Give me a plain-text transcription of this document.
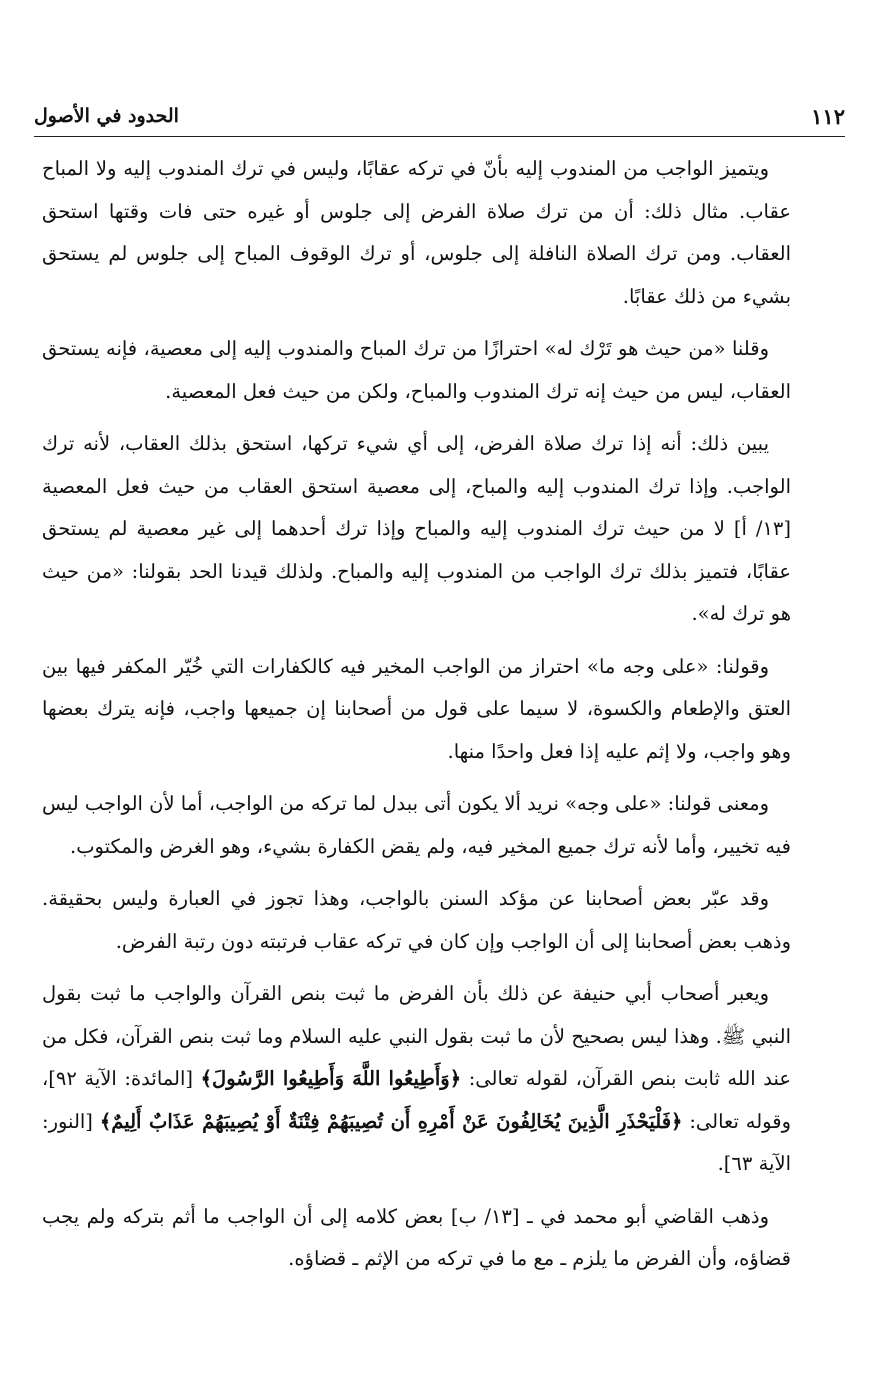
١١٢
الحدود في الأصول

ويتميز الواجب من المندوب إليه بأنّ في تركه عقابًا، وليس في ترك المندوب إليه ولا المباح عقاب. مثال ذلك: أن من ترك صلاة الفرض إلى جلوس أو غيره حتى فات وقتها استحق العقاب. ومن ترك الصلاة النافلة إلى جلوس، أو ترك الوقوف المباح إلى جلوس لم يستحق بشيء من ذلك عقابًا.

وقلنا «من حيث هو تَرْك له» احترازًا من ترك المباح والمندوب إليه إلى معصية، فإنه يستحق العقاب، ليس من حيث إنه ترك المندوب والمباح، ولكن من حيث فعل المعصية.

يبين ذلك: أنه إذا ترك صلاة الفرض، إلى أي شيء تركها، استحق بذلك العقاب، لأنه ترك الواجب. وإذا ترك المندوب إليه والمباح، إلى معصية استحق العقاب من حيث فعل المعصية [١٣/ أ] لا من حيث ترك المندوب إليه والمباح وإذا ترك أحدهما إلى غير معصية لم يستحق عقابًا، فتميز بذلك ترك الواجب من المندوب إليه والمباح. ولذلك قيدنا الحد بقولنا: «من حيث هو ترك له».

وقولنا: «على وجه ما» احتراز من الواجب المخير فيه كالكفارات التي خُيّر المكفر فيها بين العتق والإطعام والكسوة، لا سيما على قول من أصحابنا إن جميعها واجب، فإنه يترك بعضها وهو واجب، ولا إثم عليه إذا فعل واحدًا منها.

ومعنى قولنا: «على وجه» نريد ألا يكون أتى ببدل لما تركه من الواجب، أما لأن الواجب ليس فيه تخيير، وأما لأنه ترك جميع المخير فيه، ولم يقض الكفارة بشيء، وهو الغرض والمكتوب.

وقد عبّر بعض أصحابنا عن مؤكد السنن بالواجب، وهذا تجوز في العبارة وليس بحقيقة. وذهب بعض أصحابنا إلى أن الواجب وإن كان في تركه عقاب فرتبته دون رتبة الفرض.

ويعبر أصحاب أبي حنيفة عن ذلك بأن الفرض ما ثبت بنص القرآن والواجب ما ثبت بقول النبي ﷺ. وهذا ليس بصحيح لأن ما ثبت بقول النبي عليه السلام وما ثبت بنص القرآن، فكل من عند الله ثابت بنص القرآن، لقوله تعالى: ﴿وَأَطِيعُوا اللَّهَ وَأَطِيعُوا الرَّسُولَ﴾ [المائدة: الآية ٩٢]، وقوله تعالى: ﴿فَلْيَحْذَرِ الَّذِينَ يُخَالِفُونَ عَنْ أَمْرِهِ أَن تُصِيبَهُمْ فِتْنَةٌ أَوْ يُصِيبَهُمْ عَذَابٌ أَلِيمٌ﴾ [النور: الآية ٦٣].

وذهب القاضي أبو محمد في ـ [١٣/ ب] بعض كلامه إلى أن الواجب ما أثم بتركه ولم يجب قضاؤه، وأن الفرض ما يلزم ـ مع ما في تركه من الإثم ـ قضاؤه.
